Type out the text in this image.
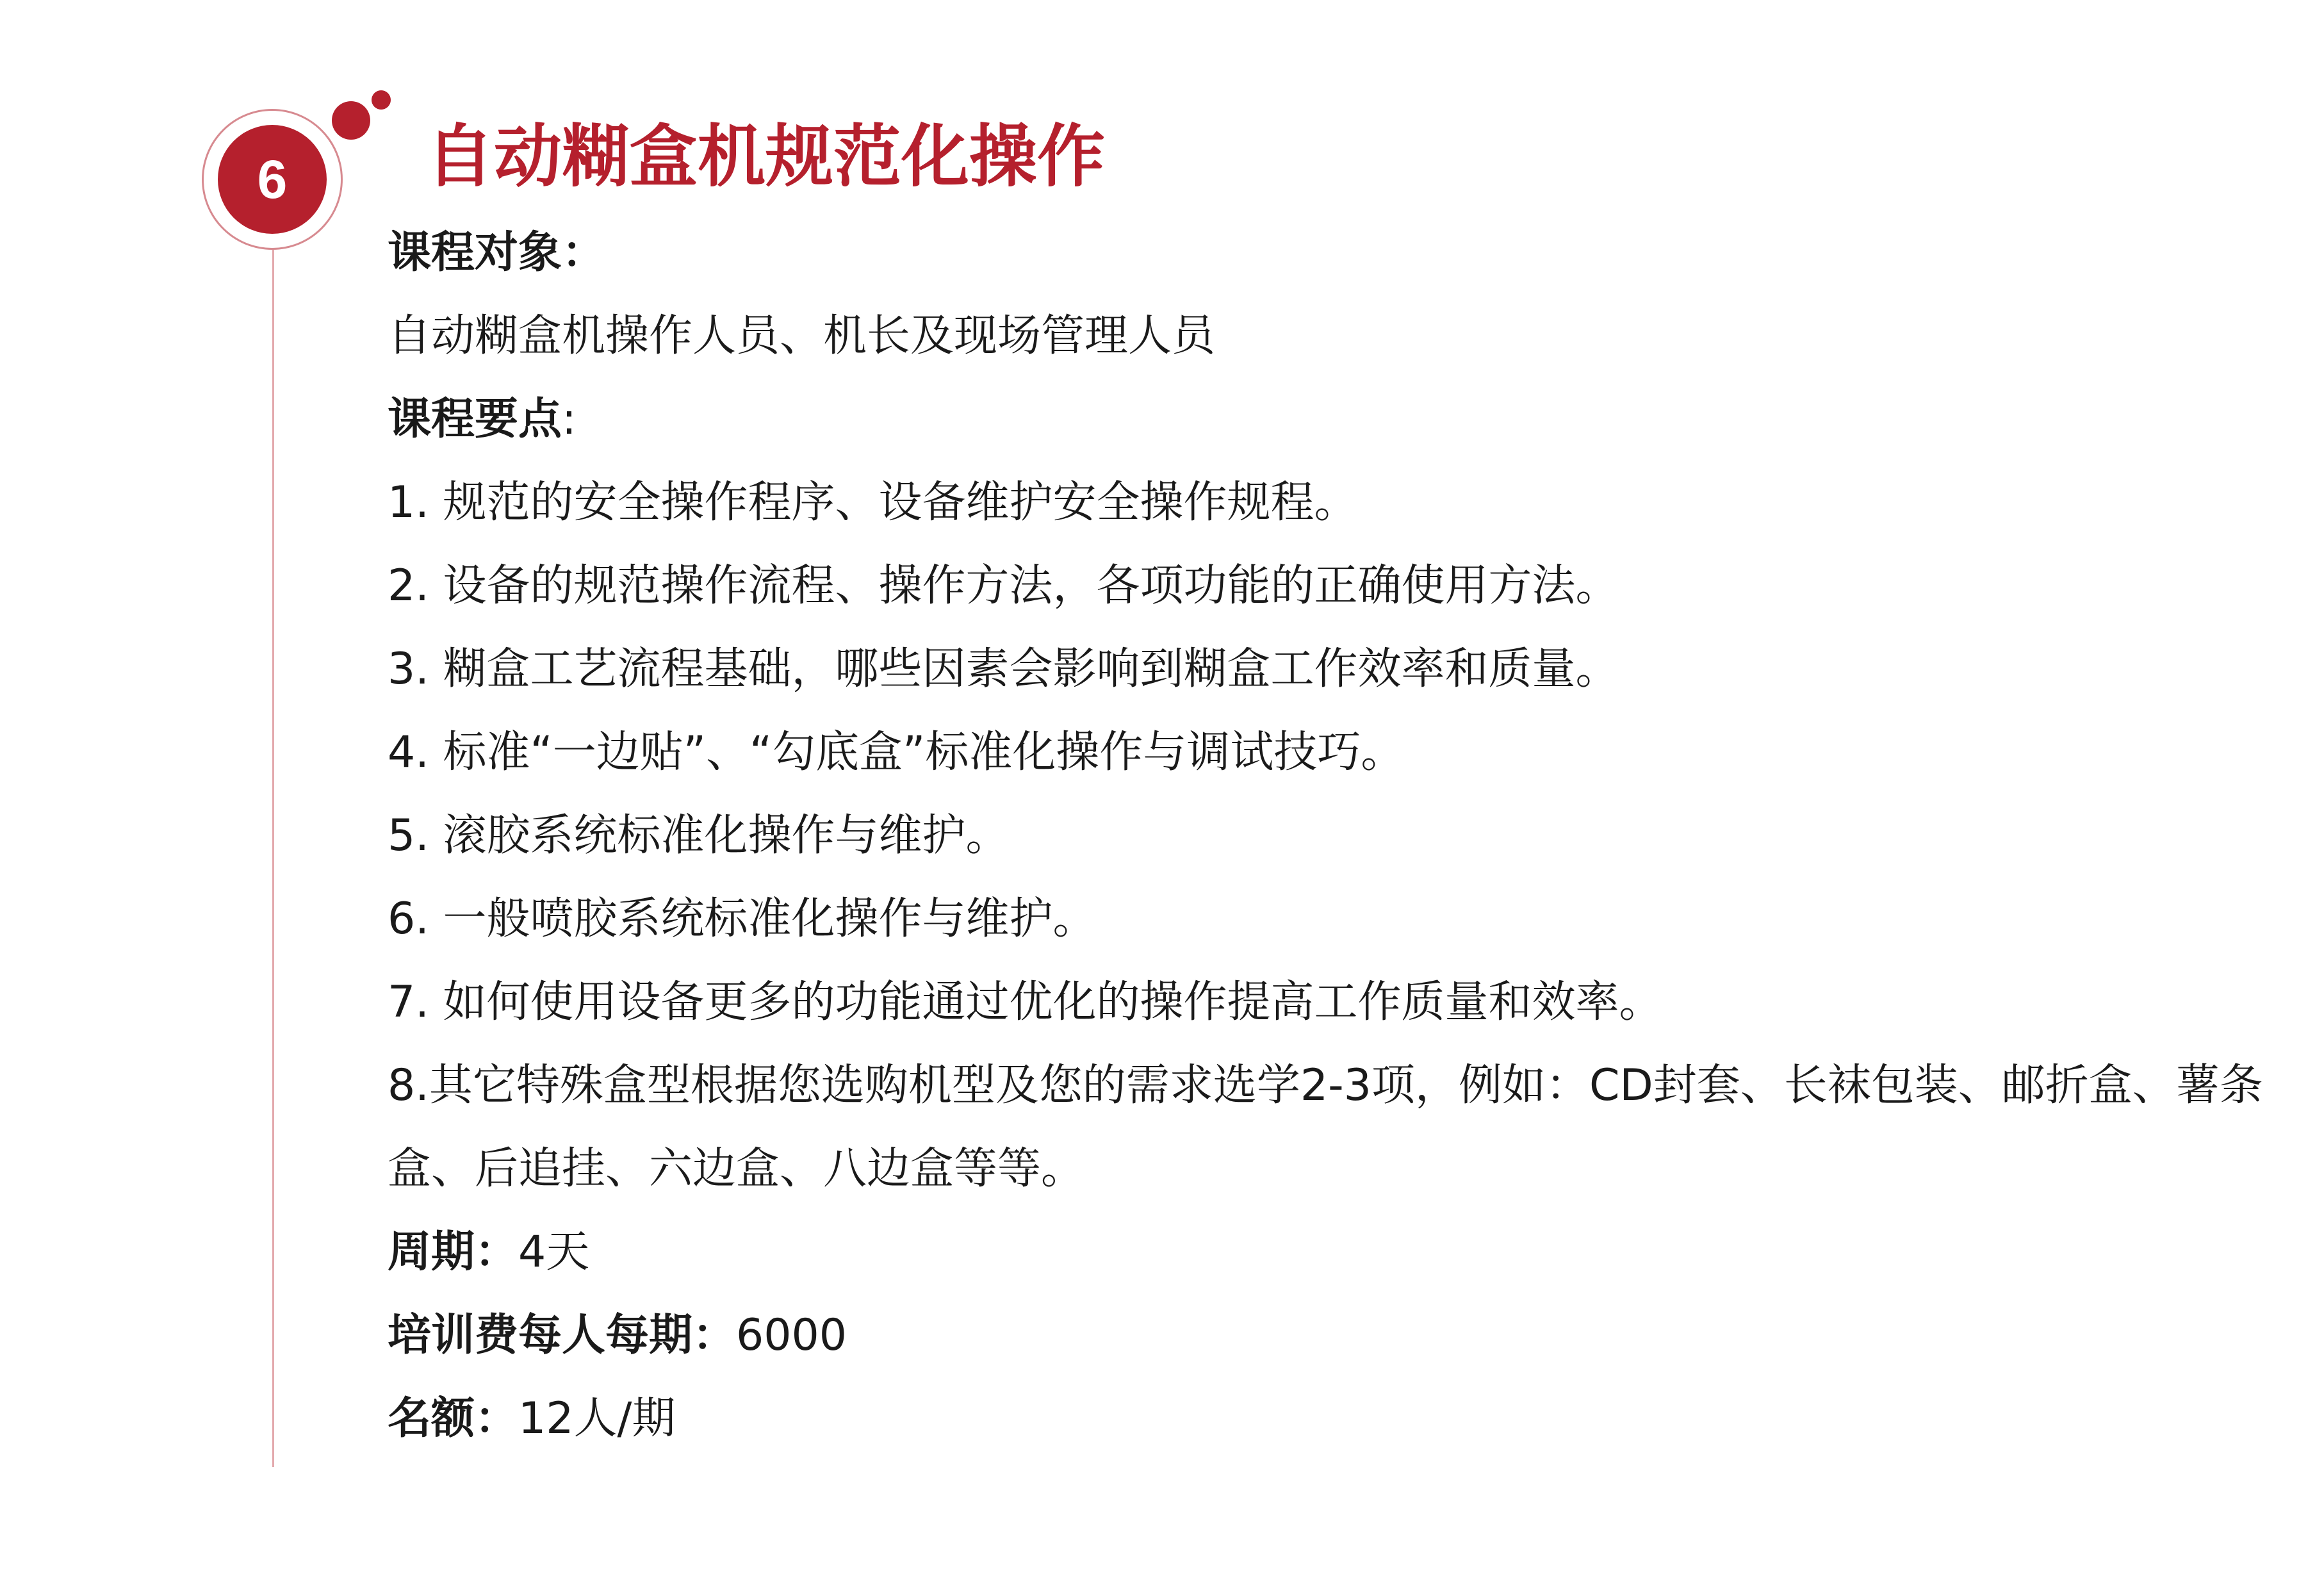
6	自动糊盒机规范化操作
课程对象：
自动糊盒机操作人员、机长及现场管理人员
课程要点:
1. 规范的安全操作程序、设备维护安全操作规程。
2. 设备的规范操作流程、操作方法，各项功能的正确使用方法。
3. 糊盒工艺流程基础，哪些因素会影响到糊盒工作效率和质量。
4. 标准“一边贴”、“勾底盒”标准化操作与调试技巧。
5. 滚胶系统标准化操作与维护。
6. 一般喷胶系统标准化操作与维护。
7. 如何使用设备更多的功能通过优化的操作提高工作质量和效率。
8.其它特殊盒型根据您选购机型及您的需求选学2-3项，例如：CD封套、长袜包装、邮折盒、薯条
盒、后追挂、六边盒、八边盒等等。
周期：4天
培训费每人每期：6000
名额：12人/期
